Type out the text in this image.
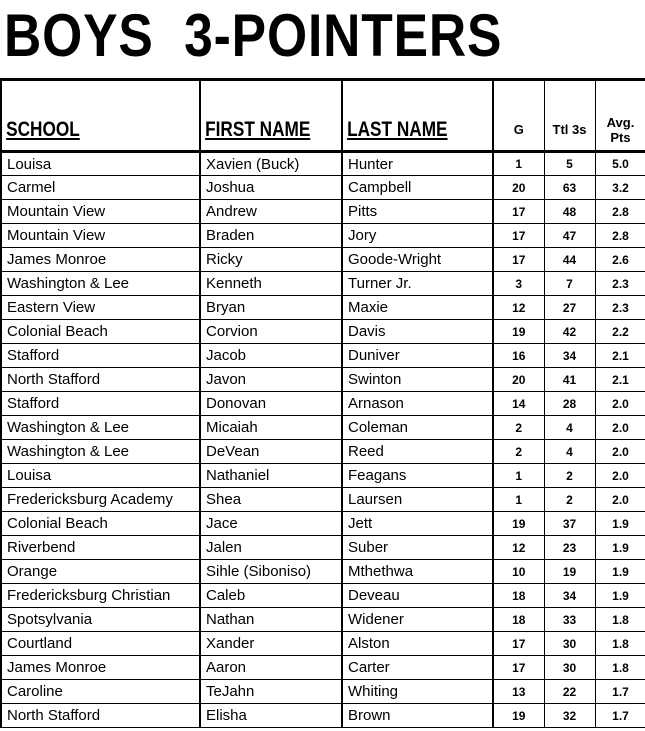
BOYS  3-POINTERS

SCHOOL	FIRST NAME	LAST NAME	G	Ttl 3s	Avg.
Pts

Louisa	Xavien (Buck)	Hunter	1	5	5.0
Carmel	Joshua	Campbell	20	63	3.2
Mountain View	Andrew	Pitts	17	48	2.8
Mountain View	Braden	Jory	17	47	2.8
James Monroe	Ricky	Goode-Wright	17	44	2.6
Washington & Lee	Kenneth	Turner Jr.	3	7	2.3
Eastern View	Bryan	Maxie	12	27	2.3
Colonial Beach	Corvion	Davis	19	42	2.2
Stafford	Jacob	Duniver	16	34	2.1
North Stafford	Javon	Swinton	20	41	2.1
Stafford	Donovan	Arnason	14	28	2.0
Washington & Lee	Micaiah	Coleman	2	4	2.0
Washington & Lee	DeVean	Reed	2	4	2.0
Louisa	Nathaniel	Feagans	1	2	2.0
Fredericksburg Academy	Shea	Laursen	1	2	2.0
Colonial Beach	Jace	Jett	19	37	1.9
Riverbend	Jalen	Suber	12	23	1.9
Orange	Sihle (Siboniso)	Mthethwa	10	19	1.9
Fredericksburg Christian	Caleb	Deveau	18	34	1.9
Spotsylvania	Nathan	Widener	18	33	1.8
Courtland	Xander	Alston	17	30	1.8
James Monroe	Aaron	Carter	17	30	1.8
Caroline	TeJahn	Whiting	13	22	1.7
North Stafford	Elisha	Brown	19	32	1.7
